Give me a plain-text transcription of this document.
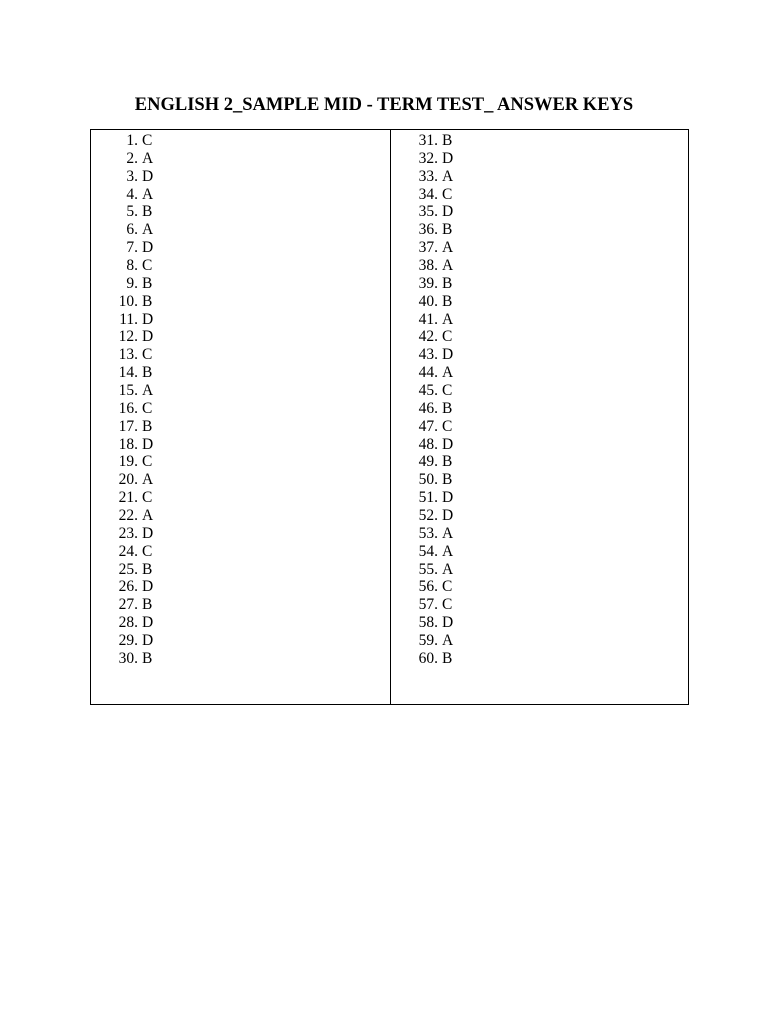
ENGLISH 2_SAMPLE MID - TERM TEST_ ANSWER KEYS
1. C
2. A
3. D
4. A
5. B
6. A
7. D
8. C
9. B
10. B
11. D
12. D
13. C
14. B
15. A
16. C
17. B
18. D
19. C
20. A
21. C
22. A
23. D
24. C
25. B
26. D
27. B
28. D
29. D
30. B
31. B
32. D
33. A
34. C
35. D
36. B
37. A
38. A
39. B
40. B
41. A
42. C
43. D
44. A
45. C
46. B
47. C
48. D
49. B
50. B
51. D
52. D
53. A
54. A
55. A
56. C
57. C
58. D
59. A
60. B
